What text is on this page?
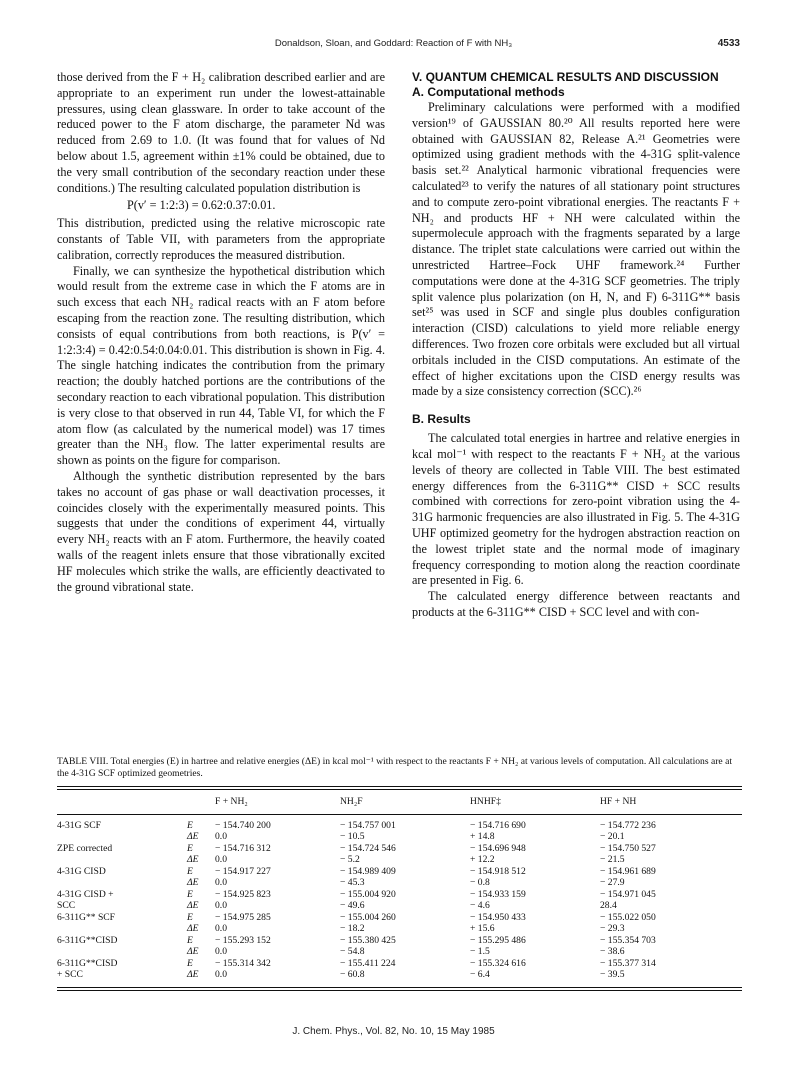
Donaldson, Sloan, and Goddard: Reaction of F with NH₃	4533

those derived from the F + H₂ calibration described earlier and are appropriate to an experiment run under the lowest-attainable pressures, using clean glassware. In order to take account of the reduced power to the F atom discharge, the parameter Nd was reduced from 2.69 to 1.0. (It was found that for values of Nd below about 1.5, agreement within ±1% could be obtained, due to the very small contribution of the secondary reaction under these conditions.) The resulting calculated population distribution is

P(v′ = 1:2:3) = 0.62:0.37:0.01.

This distribution, predicted using the relative microscopic rate constants of Table VII, with parameters from the appropriate calibration, correctly reproduces the measured distribution.

Finally, we can synthesize the hypothetical distribution which would result from the extreme case in which the F atoms are in such excess that each NH₂ radical reacts with an F atom before escaping from the reaction zone. The resulting distribution, which consists of equal contributions from both reactions, is P(v′ = 1:2:3:4) = 0.42:0.54:0.04:0.01. This distribution is shown in Fig. 4. The single hatching indicates the contribution from the primary reaction; the doubly hatched portions are the contributions of the secondary reaction to each vibrational population. This distribution is very close to that observed in run 44, Table VI, for which the F atom flow (as calculated by the numerical model) was 17 times greater than the NH₃ flow. The latter experimental results are shown as points on the figure for comparison.

Although the synthetic distribution represented by the bars takes no account of gas phase or wall deactivation processes, it coincides closely with the experimentally measured points. This suggests that under the conditions of experiment 44, virtually every NH₂ reacts with an F atom. Furthermore, the heavily coated walls of the reagent inlets ensure that those vibrationally excited HF molecules which strike the walls, are efficiently deactivated to the ground vibrational state.

V. QUANTUM CHEMICAL RESULTS AND DISCUSSION
A. Computational methods

Preliminary calculations were performed with a modified version¹⁹ of GAUSSIAN 80.²⁰ All results reported here were obtained with GAUSSIAN 82, Release A.²¹ Geometries were optimized using gradient methods with the 4-31G split-valence basis set.²² Analytical harmonic vibrational frequencies were calculated²³ to verify the natures of all stationary point structures and to compute zero-point vibrational energies. The reactants F + NH₂ and products HF + NH were calculated within the supermolecule approach with the fragments separated by a large distance. The triplet state calculations were carried out within the unrestricted Hartree–Fock UHF framework.²⁴ Further computations were done at the 4-31G SCF geometries. The triply split valence plus polarization (on H, N, and F) 6-311G** basis set²⁵ was used in SCF and single plus doubles configuration interaction (CISD) calculations to yield more reliable energy differences. Two frozen core orbitals were excluded but all virtual orbitals included in the CISD computations. An estimate of the effect of higher excitations upon the CISD energy results was made by a size consistency correction (SCC).²⁶

B. Results

The calculated total energies in hartree and relative energies in kcal mol⁻¹ with respect to the reactants F + NH₂ at the various levels of theory are collected in Table VIII. The best estimated energy differences from the 6-311G** CISD + SCC results combined with corrections for zero-point vibration using the 4-31G harmonic frequencies are also illustrated in Fig. 5. The 4-31G UHF optimized geometry for the hydrogen abstraction reaction on the lowest triplet state and the normal mode of imaginary frequency corresponding to motion along the reaction coordinate are presented in Fig. 6.

The calculated energy difference between reactants and products at the 6-311G** CISD + SCC level and with con-

TABLE VIII. Total energies (E) in hartree and relative energies (ΔE) in kcal mol⁻¹ with respect to the reactants F + NH₂ at various levels of computation. All calculations are at the 4-31G SCF optimized geometries.
		F + NH₂	NH₂F	HNHF‡	HF + NH

4-31G SCF	E	− 154.740 200	− 154.757 001	− 154.716 690	− 154.772 236
	ΔE	0.0	− 10.5	+ 14.8	− 20.1
ZPE corrected	E	− 154.716 312	− 154.724 546	− 154.696 948	− 154.750 527
	ΔE	0.0	− 5.2	+ 12.2	− 21.5
4-31G CISD	E	− 154.917 227	− 154.989 409	− 154.918 512	− 154.961 689
	ΔE	0.0	− 45.3	− 0.8	− 27.9
4-31G CISD +	E	− 154.925 823	− 155.004 920	− 154.933 159	− 154.971 045
SCC	ΔE	0.0	− 49.6	− 4.6	28.4
6-311G** SCF	E	− 154.975 285	− 155.004 260	− 154.950 433	− 155.022 050
	ΔE	0.0	− 18.2	+ 15.6	− 29.3
6-311G**CISD	E	− 155.293 152	− 155.380 425	− 155.295 486	− 155.354 703
	ΔE	0.0	− 54.8	− 1.5	− 38.6
6-311G**CISD	E	− 155.314 342	− 155.411 224	− 155.324 616	− 155.377 314
+ SCC	ΔE	0.0	− 60.8	− 6.4	− 39.5
J. Chem. Phys., Vol. 82, No. 10, 15 May 1985
